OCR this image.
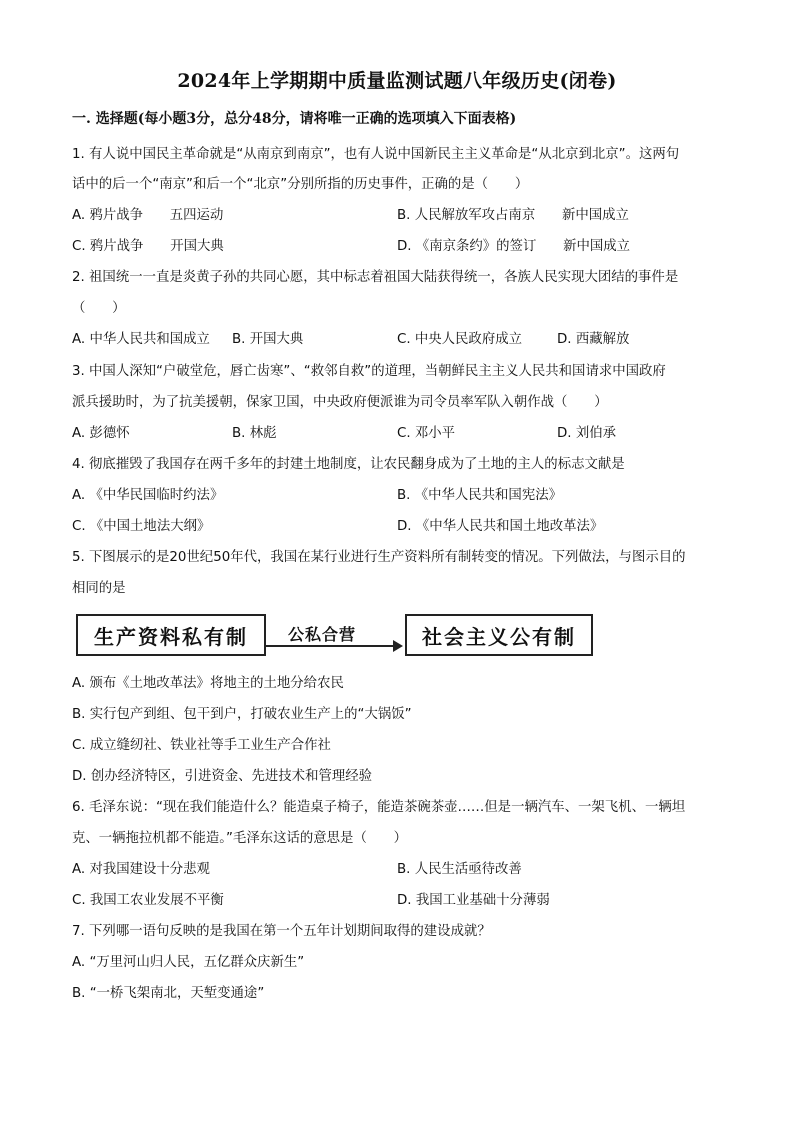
2024年上学期期中质量监测试题八年级历史(闭卷)
一. 选择题(每小题3分，总分48分，请将唯一正确的选项填入下面表格)
1. 有人说中国民主革命就是“从南京到南京”，也有人说中国新民主主义革命是“从北京到北京”。这两句
话中的后一个“南京”和后一个“北京”分别所指的历史事件，正确的是（　　）
A. 鸦片战争　　五四运动	B. 人民解放军攻占南京　　新中国成立
C. 鸦片战争　　开国大典	D. 《南京条约》的签订　　新中国成立
2. 祖国统一一直是炎黄子孙的共同心愿，其中标志着祖国大陆获得统一，各族人民实现大团结的事件是
（　　）
A. 中华人民共和国成立 B. 开国大典	C. 中央人民政府成立	D. 西藏解放
3. 中国人深知“户破堂危，唇亡齿寒”、“救邻自救”的道理，当朝鲜民主主义人民共和国请求中国政府
派兵援助时，为了抗美援朝，保家卫国，中央政府便派谁为司令员率军队入朝作战（　　）
A. 彭德怀	B. 林彪	C. 邓小平	D. 刘伯承
4. 彻底摧毁了我国存在两千多年的封建土地制度，让农民翻身成为了土地的主人的标志文献是
A. 《中华民国临时约法》	B. 《中华人民共和国宪法》
C. 《中国土地法大纲》	D. 《中华人民共和国土地改革法》
5. 下图展示的是20世纪50年代，我国在某行业进行生产资料所有制转变的情况。下列做法，与图示目的
相同的是
生产资料私有制	公私合营	社会主义公有制
A. 颁布《土地改革法》将地主的土地分给农民
B. 实行包产到组、包干到户，打破农业生产上的“大锅饭”
C. 成立缝纫社、铁业社等手工业生产合作社
D. 创办经济特区，引进资金、先进技术和管理经验
6. 毛泽东说：“现在我们能造什么？能造桌子椅子，能造茶碗茶壶……但是一辆汽车、一架飞机、一辆坦
克、一辆拖拉机都不能造。”毛泽东这话的意思是（　　）
A. 对我国建设十分悲观	B. 人民生活亟待改善
C. 我国工农业发展不平衡	D. 我国工业基础十分薄弱
7. 下列哪一语句反映的是我国在第一个五年计划期间取得的建设成就？
A. “万里河山归人民，五亿群众庆新生”
B. “一桥飞架南北，天堑变通途”
